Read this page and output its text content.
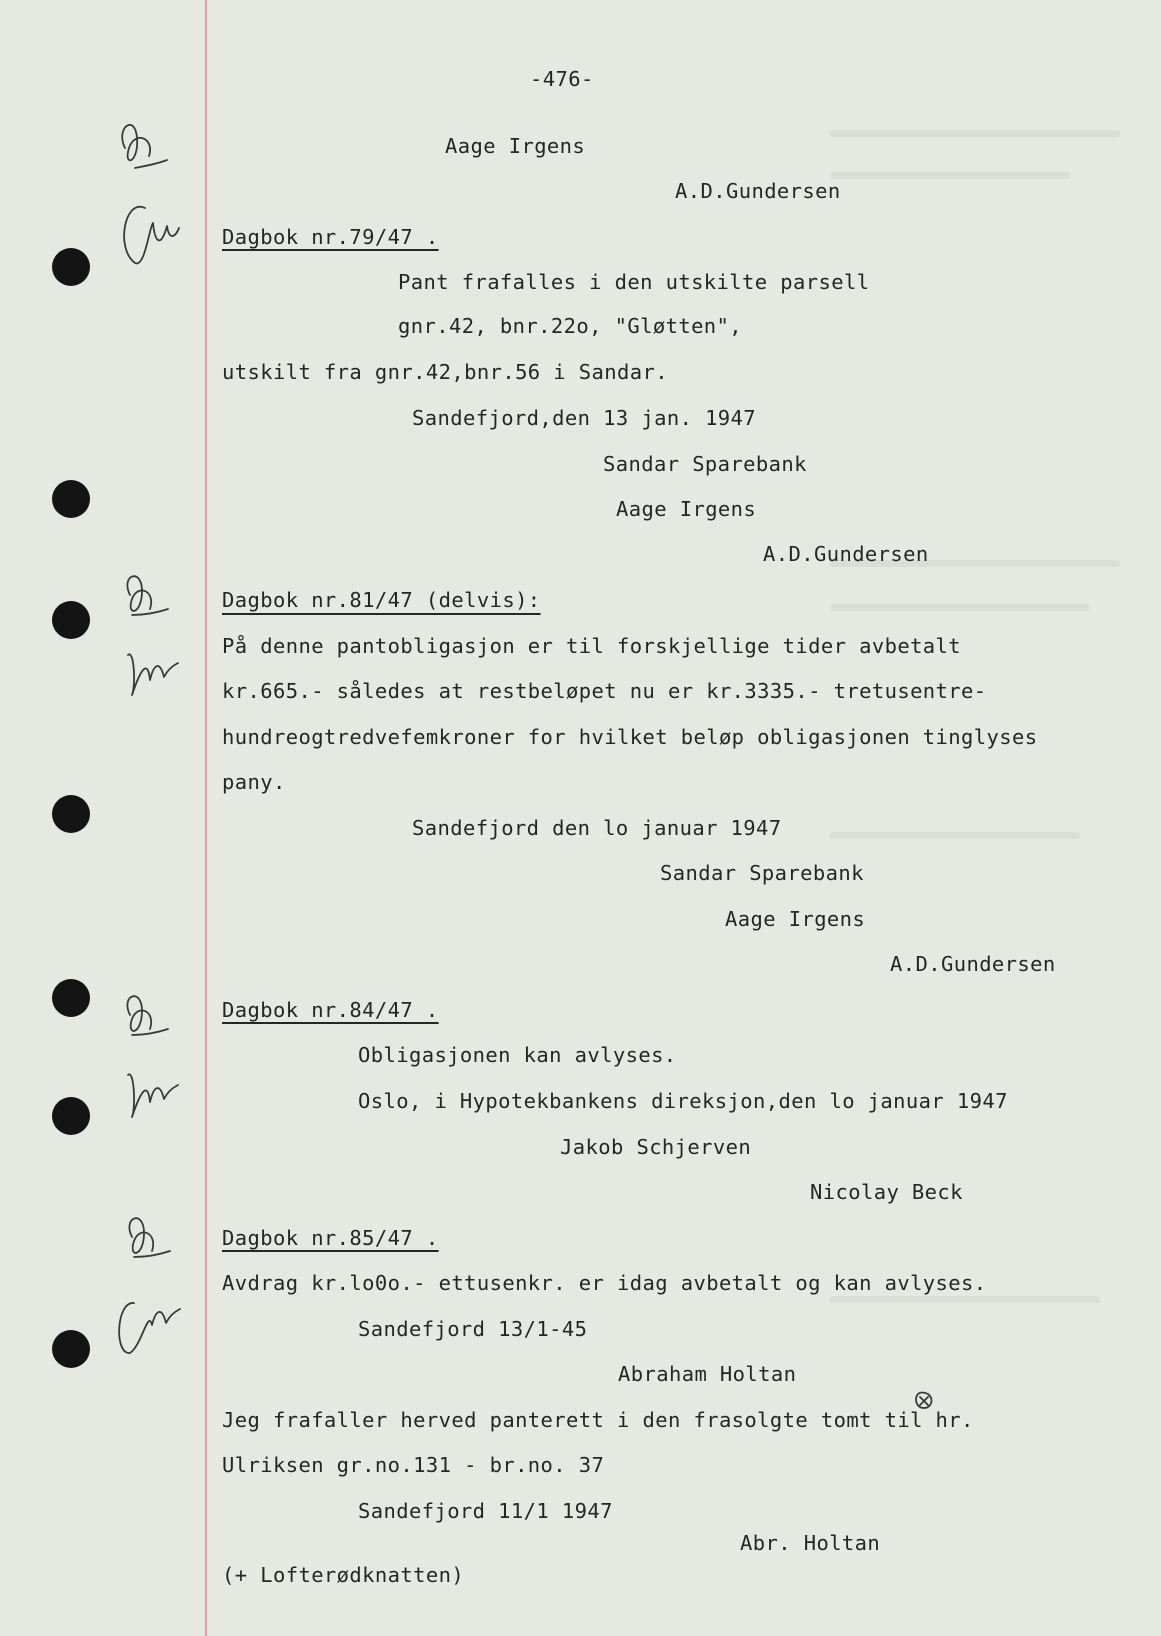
-476-
Aage Irgens
A.D.Gundersen
Dagbok nr.79/47 .
Pant frafalles i den utskilte parsell
gnr.42, bnr.22o, "Gløtten",
utskilt fra gnr.42,bnr.56 i Sandar.
Sandefjord,den 13 jan. 1947
Sandar Sparebank
Aage Irgens
A.D.Gundersen
Dagbok nr.81/47 (delvis):
På denne pantobligasjon er til forskjellige tider avbetalt
kr.665.- således at restbeløpet nu er kr.3335.- tretusentre-
hundreogtredvefemkroner for hvilket beløp obligasjonen tinglyses
pany.
Sandefjord den lo januar 1947
Sandar Sparebank
Aage Irgens
A.D.Gundersen
Dagbok nr.84/47 .
Obligasjonen kan avlyses.
Oslo, i Hypotekbankens direksjon,den lo januar 1947
Jakob Schjerven
Nicolay Beck
Dagbok nr.85/47 .
Avdrag kr.lo0o.- ettusenkr. er idag avbetalt og kan avlyses.
Sandefjord 13/1-45
Abraham Holtan
Jeg frafaller herved panterett i den frasolgte tomt til hr.
Ulriksen gr.no.131 - br.no. 37
Sandefjord 11/1 1947
Abr. Holtan
(+ Lofterødknatten)
